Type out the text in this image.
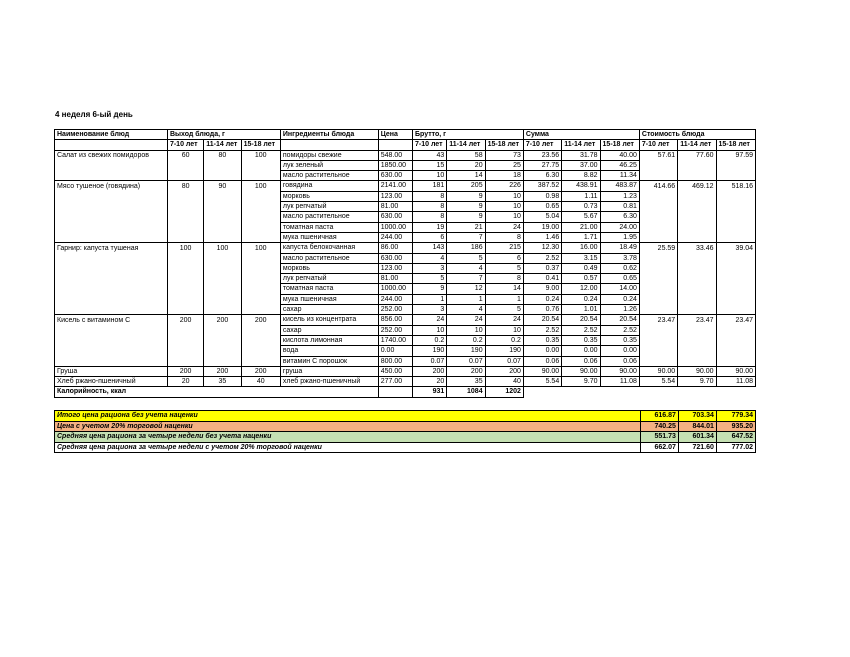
4 неделя 6-ый день
Наименование блюд	Выход блюда, г			Ингредиенты блюда	Цена	Брутто, г			Сумма			Стоимость блюда		
	7-10 лет	11-14 лет	15-18 лет			7-10 лет	11-14 лет	15-18 лет	7-10 лет	11-14 лет	15-18 лет	7-10 лет	11-14 лет	15-18 лет
Салат из свежих помидоров	60	80	100	помидоры свежие	548.00	43	58	73	23.56	31.78	40.00	57.61	77.60	97.59
				лук зеленый	1850.00	15	20	25	27.75	37.00	46.25			
				масло растительное	630.00	10	14	18	6.30	8.82	11.34			
Мясо тушеное (говядина)	80	90	100	говядина	2141.00	181	205	226	387.52	438.91	483.87	414.66	469.12	518.16
				морковь	123.00	8	9	10	0.98	1.11	1.23			
				лук репчатый	81.00	8	9	10	0.65	0.73	0.81			
				масло растительное	630.00	8	9	10	5.04	5.67	6.30			
				томатная паста	1000.00	19	21	24	19.00	21.00	24.00			
				мука пшеничная	244.00	6	7	8	1.46	1.71	1.95			
Гарнир: капуста тушеная	100	100	100	капуста белокочанная	86.00	143	186	215	12.30	16.00	18.49	25.59	33.46	39.04
				масло растительное	630.00	4	5	6	2.52	3.15	3.78			
				морковь	123.00	3	4	5	0.37	0.49	0.62			
				лук репчатый	81.00	5	7	8	0.41	0.57	0.65			
				томатная паста	1000.00	9	12	14	9.00	12.00	14.00			
				мука пшеничная	244.00	1	1	1	0.24	0.24	0.24			
				сахар	252.00	3	4	5	0.76	1.01	1.26			
Кисель с витамином С	200	200	200	кисель из концентрата	856.00	24	24	24	20.54	20.54	20.54	23.47	23.47	23.47
				сахар	252.00	10	10	10	2.52	2.52	2.52			
				кислота лимонная	1740.00	0.2	0.2	0.2	0.35	0.35	0.35			
				вода	0.00	190	190	190	0.00	0.00	0.00			
				витамин С порошок	800.00	0.07	0.07	0.07	0.06	0.06	0.06			
Груша	200	200	200	груша	450.00	200	200	200	90.00	90.00	90.00	90.00	90.00	90.00
Хлеб ржано-пшеничный	20	35	40	хлеб ржано-пшеничный	277.00	20	35	40	5.54	9.70	11.08	5.54	9.70	11.08
Калорийность, ккал						931	1084	1202						
Итого цена рациона без учета наценки	616.87	703.34	779.34
Цена с учетом 20% торговой наценки	740.25	844.01	935.20
Средняя цена рациона за четыре недели без учета наценки	551.73	601.34	647.52
Средняя цена рациона за четыре недели с учетом 20% торговой наценки	662.07	721.60	777.02
